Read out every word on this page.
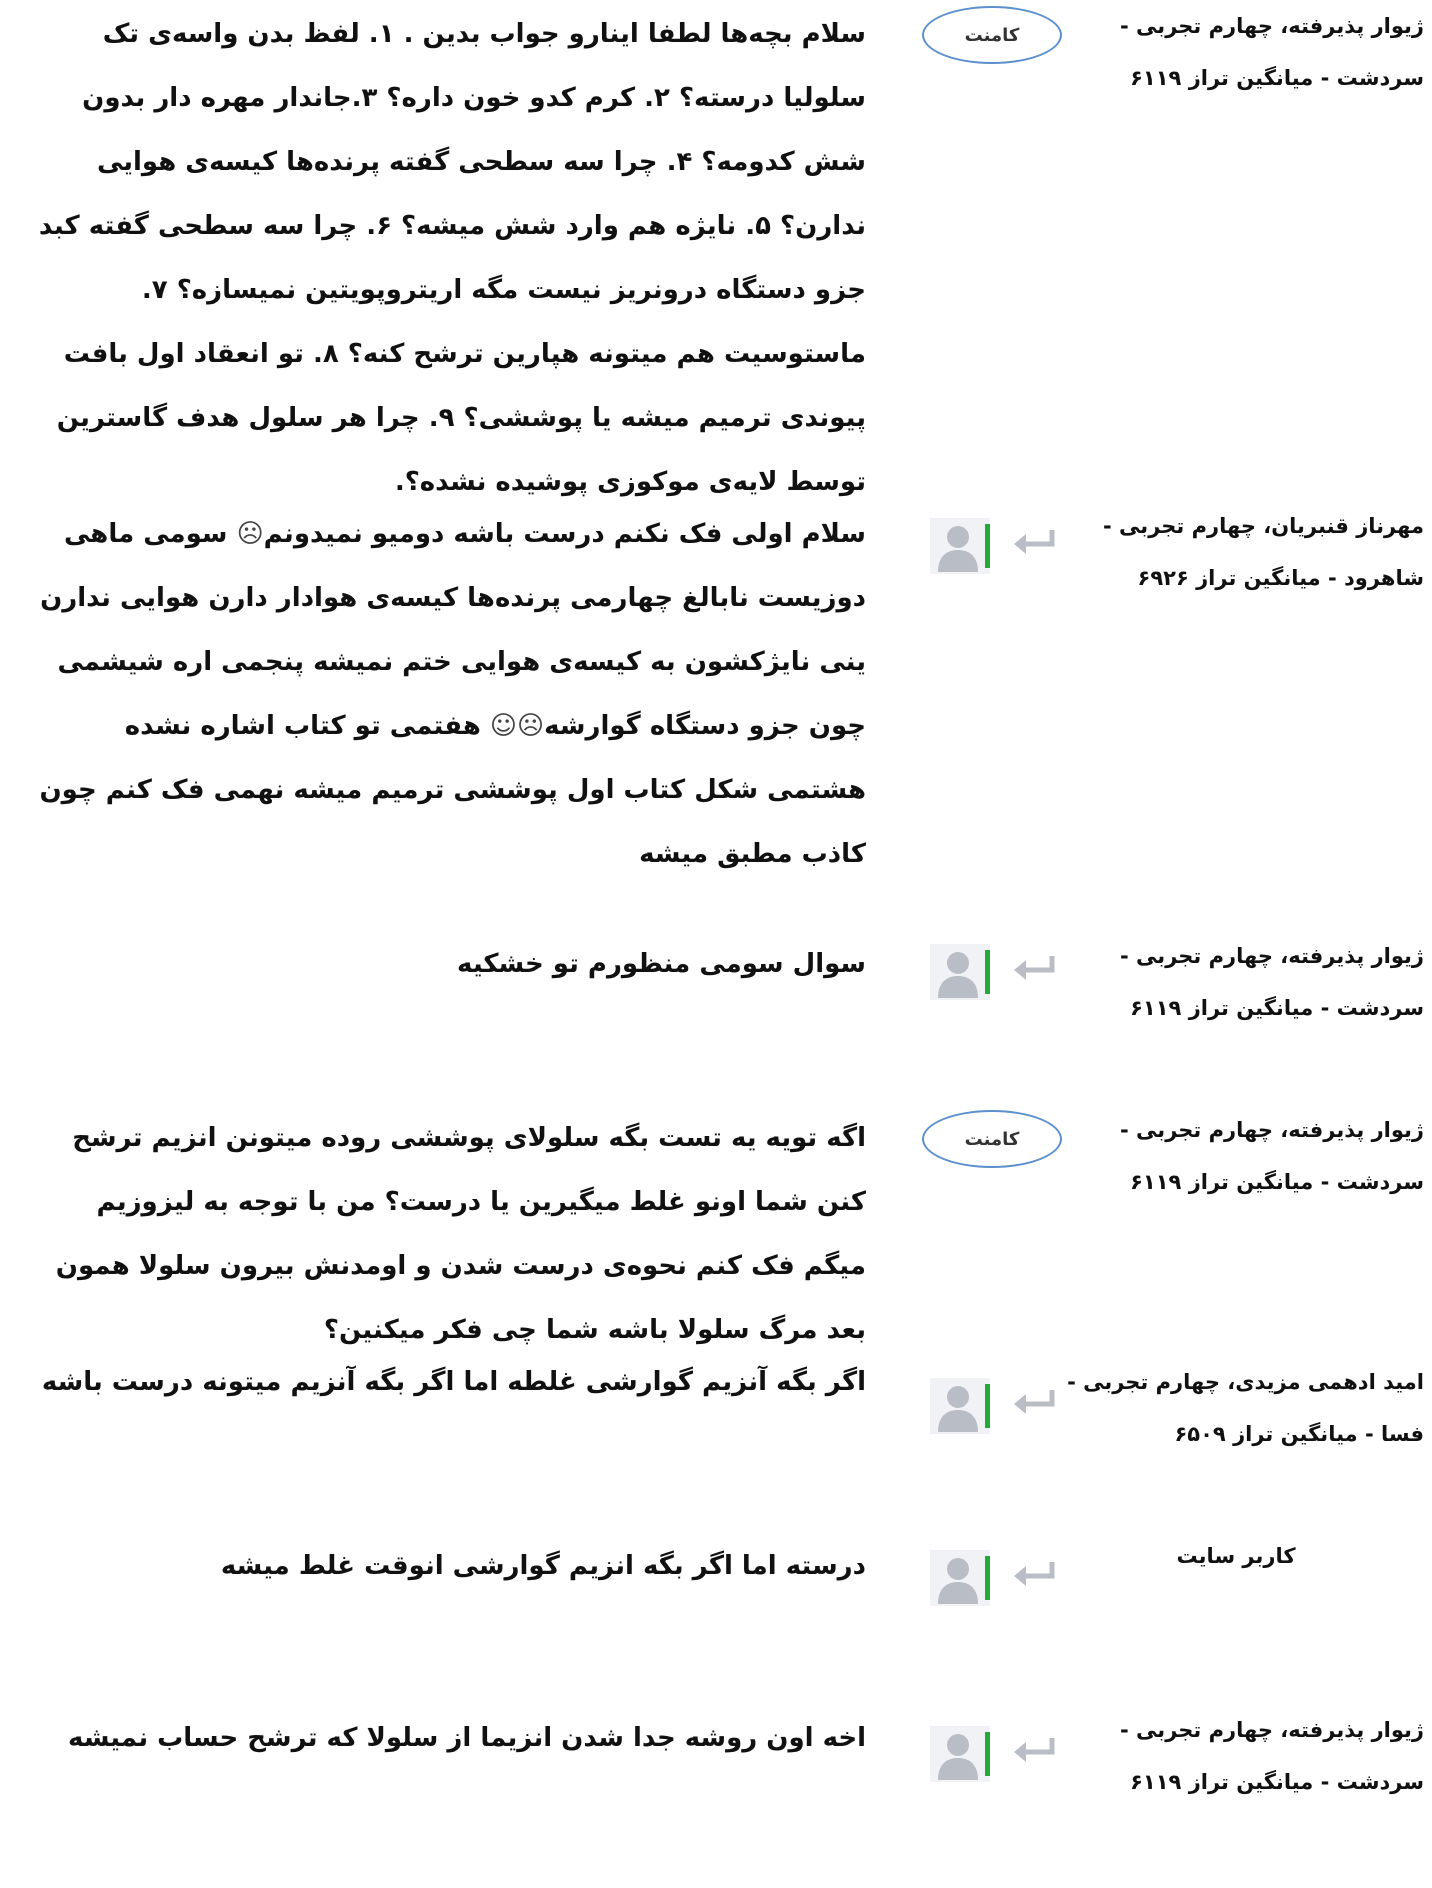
ژیوار پذیرفته، چهارم تجربی -
سردشت - میانگین تراز ۶۱۱۹
کامنت
سلام بچه‌ها لطفا اینارو جواب بدین . ۱. لفظ بدن واسه‌ی تک سلولیا درسته؟ ۲. کرم کدو خون داره؟ ۳.جاندار مهره دار بدون شش کدومه؟ ۴. چرا سه سطحی گفته پرنده‌ها کیسه‌ی هوایی ندارن؟ ۵. نایژه هم وارد شش میشه؟ ۶. چرا سه سطحی گفته کبد جزو دستگاه درونریز نیست مگه اریتروپویتین نمیسازه؟ ۷. ماستوسیت هم میتونه هپارین ترشح کنه؟ ۸. تو انعقاد اول بافت پیوندی ترمیم میشه یا پوششی؟ ۹. چرا هر سلول هدف گاسترین توسط لایه‌ی موکوزی پوشیده نشده؟.
مهرناز قنبریان، چهارم تجربی -
شاهرود - میانگین تراز ۶۹۲۶
سلام اولی فک نکنم درست باشه دومیو نمیدونم☹ سومی ماهی دوزیست نابالغ چهارمی پرنده‌ها کیسه‌ی هوادار دارن هوایی ندارن ینی نایژکشون به کیسه‌ی هوایی ختم نمیشه پنجمی اره شیشمی چون جزو دستگاه گوارشه☹☺ هفتمی تو کتاب اشاره نشده هشتمی شکل کتاب اول پوششی ترمیم میشه نهمی فک کنم چون کاذب مطبق میشه
ژیوار پذیرفته، چهارم تجربی -
سردشت - میانگین تراز ۶۱۱۹
سوال سومی منظورم تو خشکیه
ژیوار پذیرفته، چهارم تجربی -
سردشت - میانگین تراز ۶۱۱۹
کامنت
اگه تویه یه تست بگه سلولای پوششی روده میتونن انزیم ترشح کنن شما اونو غلط میگیرین یا درست؟ من با توجه به لیزوزیم میگم فک کنم نحوه‌ی درست شدن و اومدنش بیرون سلولا همون بعد مرگ سلولا باشه شما چی فکر میکنین؟
امید ادهمی مزیدی، چهارم تجربی -
فسا - میانگین تراز ۶۵۰۹
اگر بگه آنزیم گوارشی غلطه اما اگر بگه آنزیم میتونه درست باشه
کاربر سایت
درسته اما اگر بگه انزیم گوارشی انوقت غلط میشه
ژیوار پذیرفته، چهارم تجربی -
سردشت - میانگین تراز ۶۱۱۹
اخه اون روشه جدا شدن انزیما از سلولا که ترشح حساب نمیشه
